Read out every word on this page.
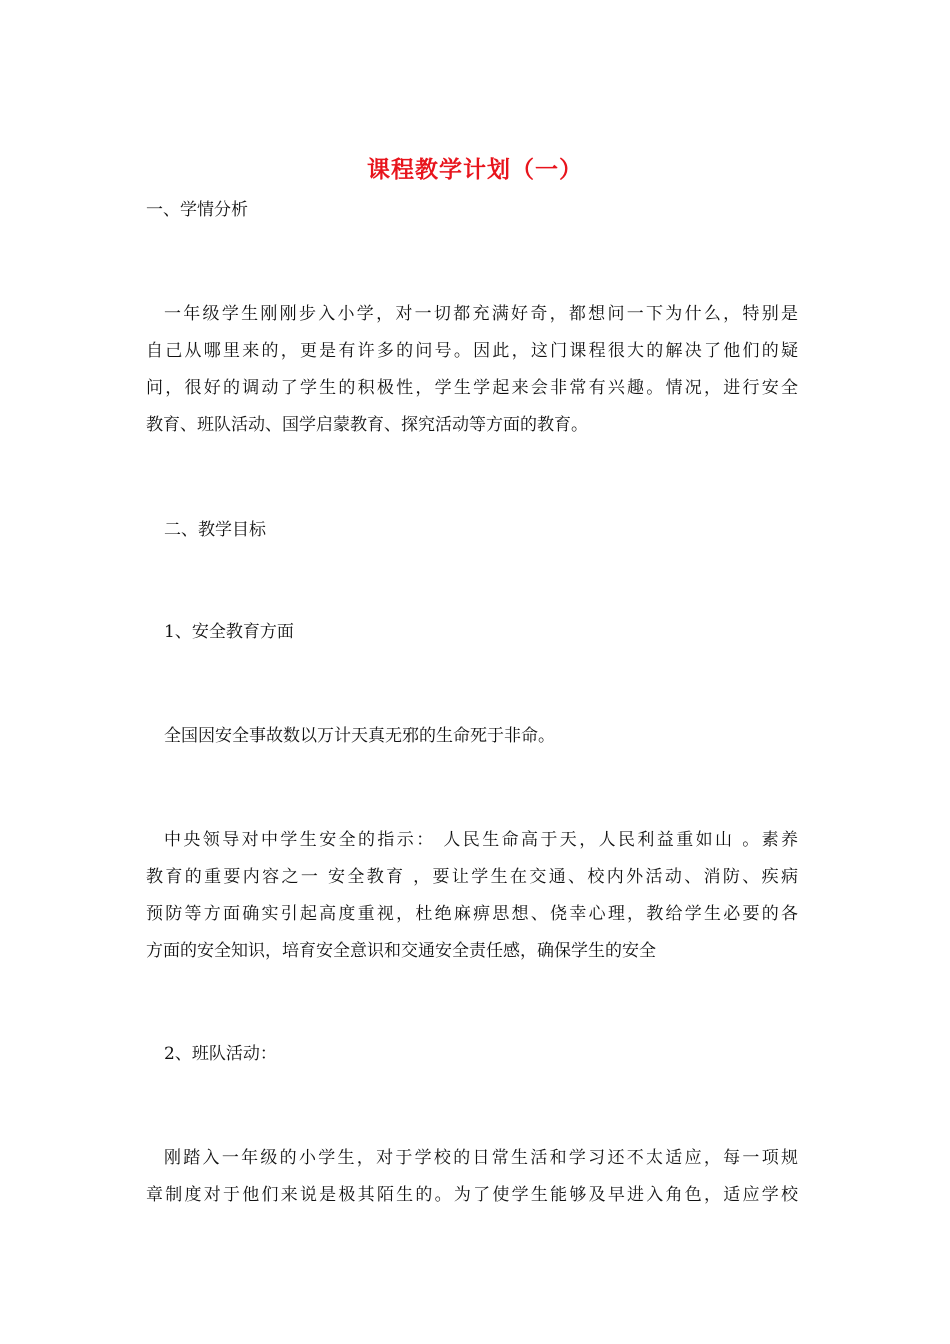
课程教学计划（一）

一、学情分析

一年级学生刚刚步入小学，对一切都充满好奇，都想问一下为什么，特别是
自己从哪里来的，更是有许多的问号。因此，这门课程很大的解决了他们的疑
问，很好的调动了学生的积极性，学生学起来会非常有兴趣。情况，进行安全
教育、班队活动、国学启蒙教育、探究活动等方面的教育。

二、教学目标

1、安全教育方面

全国因安全事故数以万计天真无邪的生命死于非命。

中央领导对中学生安全的指示： 人民生命高于天，人民利益重如山 。素养
教育的重要内容之一 安全教育 ，要让学生在交通、校内外活动、消防、疾病
预防等方面确实引起高度重视，杜绝麻痹思想、侥幸心理，教给学生必要的各
方面的安全知识，培育安全意识和交通安全责任感，确保学生的安全

2、班队活动：

刚踏入一年级的小学生，对于学校的日常生活和学习还不太适应，每一项规
章制度对于他们来说是极其陌生的。为了使学生能够及早进入角色，适应学校
